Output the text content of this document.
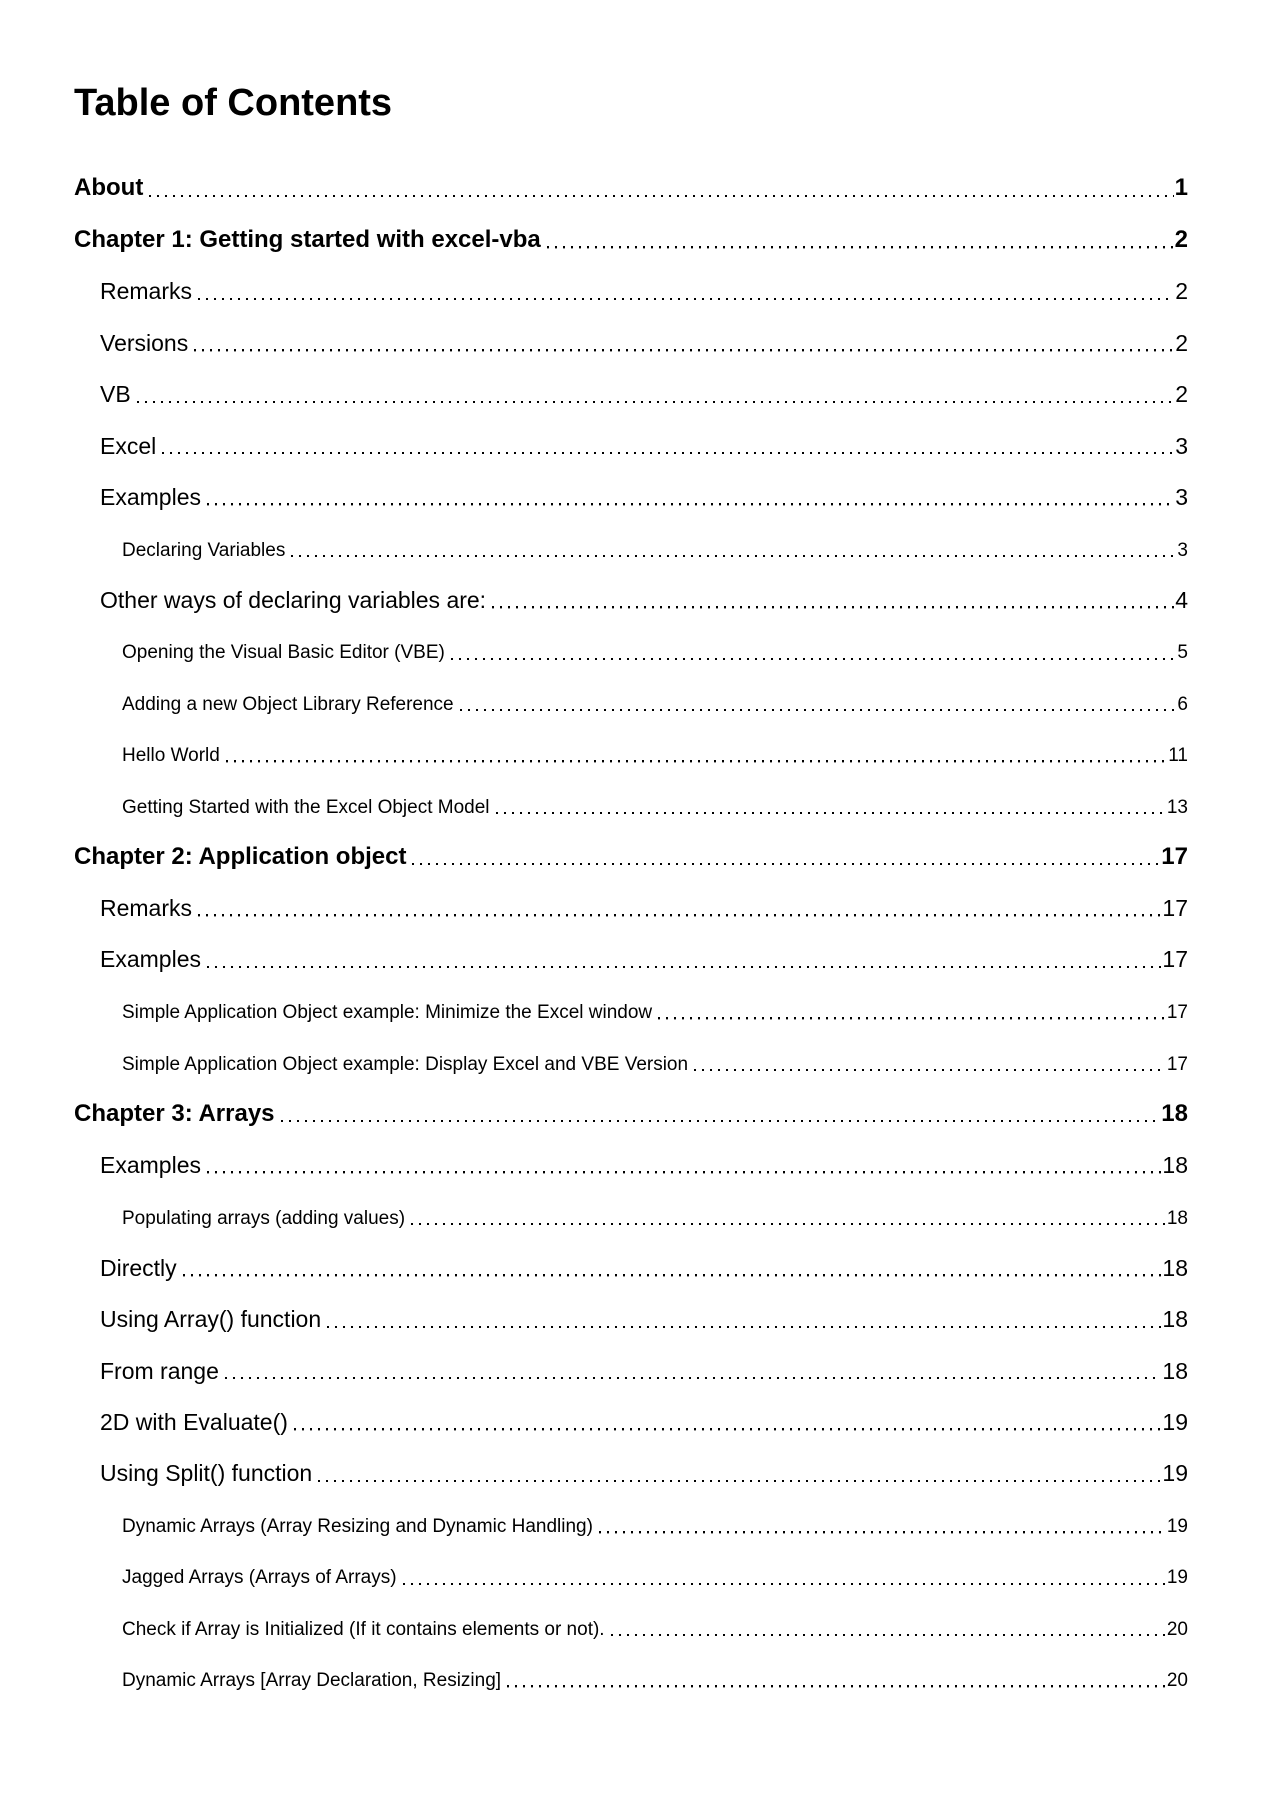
Table of Contents
About	1
Chapter 1: Getting started with excel-vba	2
Remarks	2
Versions	2
VB	2
Excel	3
Examples	3
Declaring Variables	3
Other ways of declaring variables are:	4
Opening the Visual Basic Editor (VBE)	5
Adding a new Object Library Reference	6
Hello World	11
Getting Started with the Excel Object Model	13
Chapter 2: Application object	17
Remarks	17
Examples	17
Simple Application Object example: Minimize the Excel window	17
Simple Application Object example: Display Excel and VBE Version	17
Chapter 3: Arrays	18
Examples	18
Populating arrays (adding values)	18
Directly	18
Using Array() function	18
From range	18
2D with Evaluate()	19
Using Split() function	19
Dynamic Arrays (Array Resizing and Dynamic Handling)	19
Jagged Arrays (Arrays of Arrays)	19
Check if Array is Initialized (If it contains elements or not).	20
Dynamic Arrays [Array Declaration, Resizing]	20
